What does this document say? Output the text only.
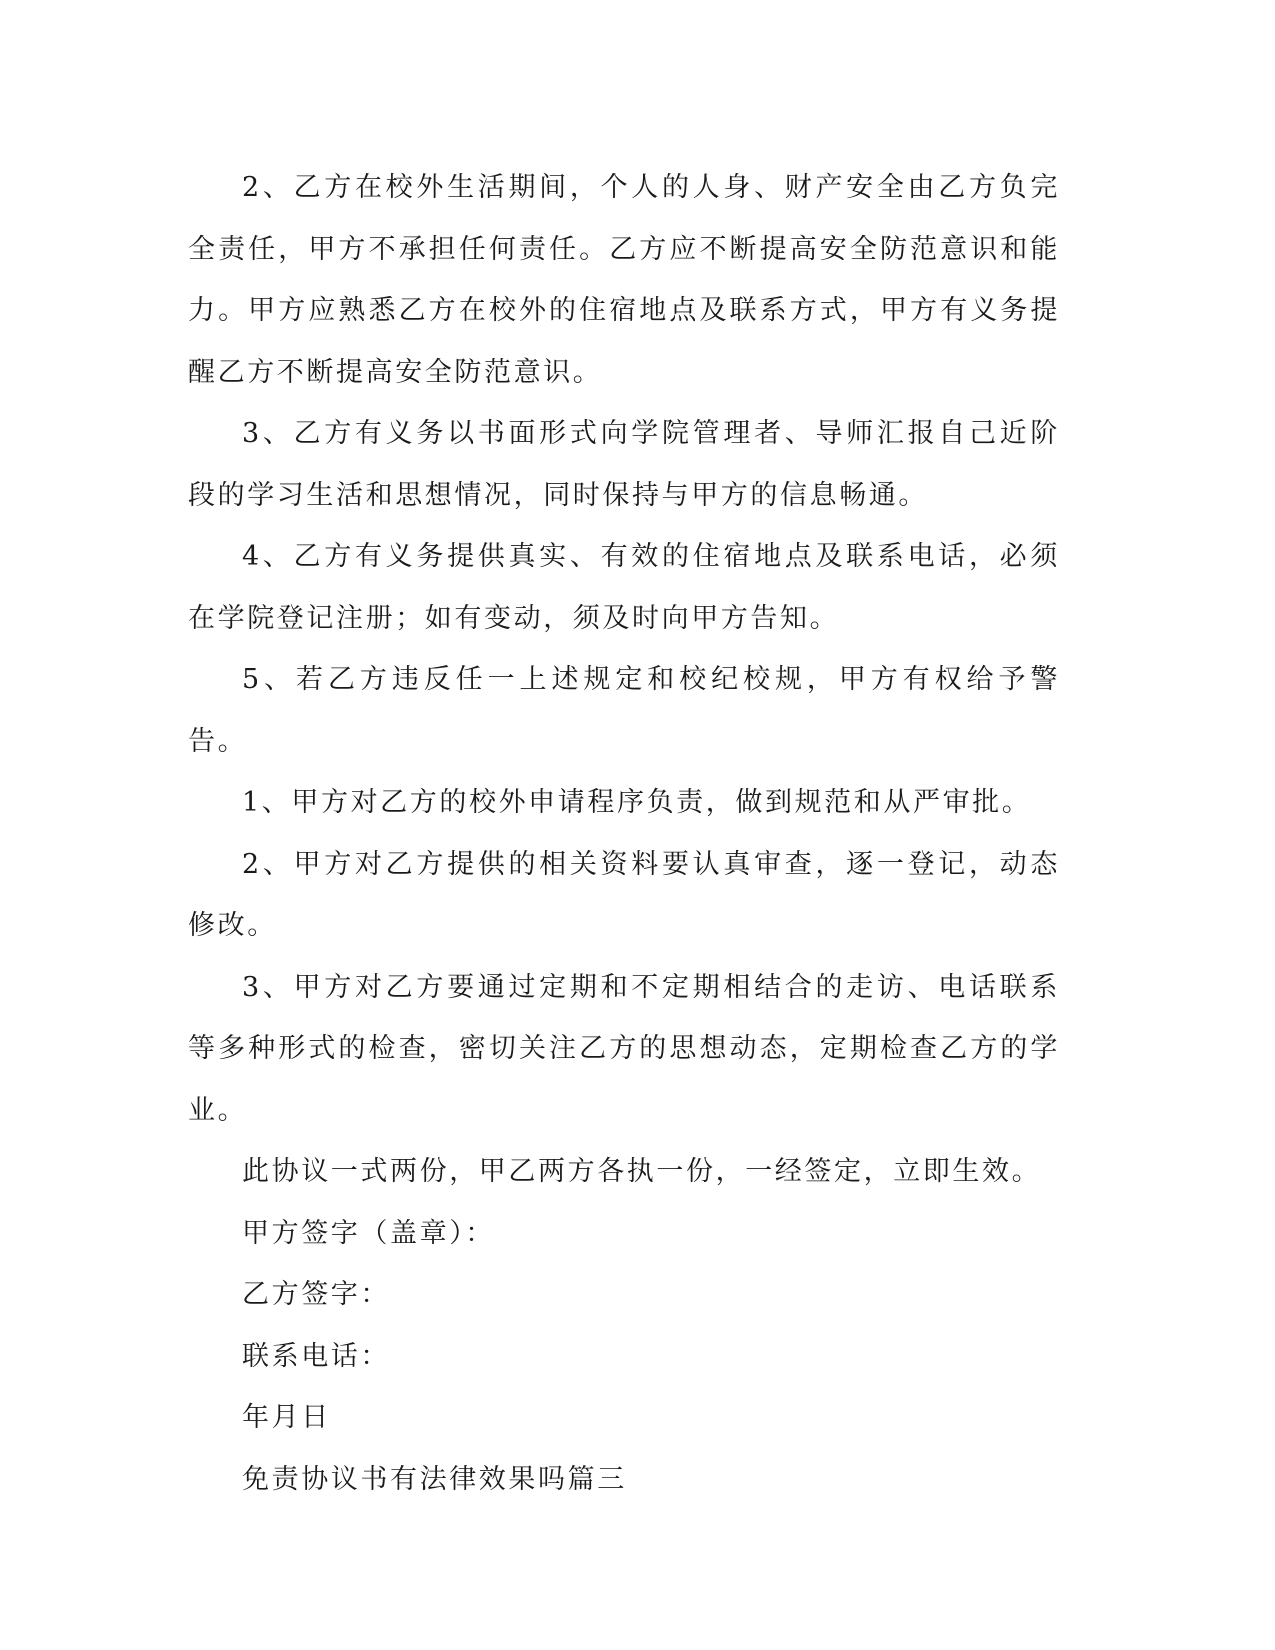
2、乙方在校外生活期间，个人的人身、财产安全由乙方负完全责任，甲方不承担任何责任。乙方应不断提高安全防范意识和能力。甲方应熟悉乙方在校外的住宿地点及联系方式，甲方有义务提醒乙方不断提高安全防范意识。

3、乙方有义务以书面形式向学院管理者、导师汇报自己近阶段的学习生活和思想情况，同时保持与甲方的信息畅通。

4、乙方有义务提供真实、有效的住宿地点及联系电话，必须在学院登记注册；如有变动，须及时向甲方告知。

5、若乙方违反任一上述规定和校纪校规，甲方有权给予警告。

1、甲方对乙方的校外申请程序负责，做到规范和从严审批。

2、甲方对乙方提供的相关资料要认真审查，逐一登记，动态修改。

3、甲方对乙方要通过定期和不定期相结合的走访、电话联系等多种形式的检查，密切关注乙方的思想动态，定期检查乙方的学业。

此协议一式两份，甲乙两方各执一份，一经签定，立即生效。

甲方签字（盖章）：

乙方签字：

联系电话：

年月日

免责协议书有法律效果吗篇三
